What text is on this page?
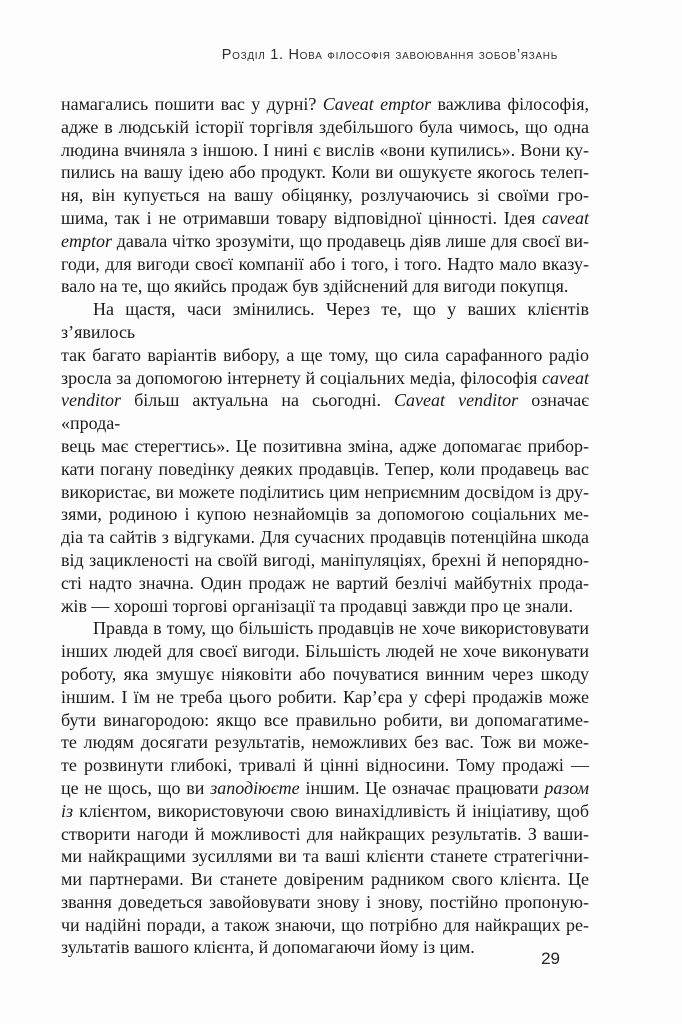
Розділ 1. Нова філософія завоювання зобов’язань
намагались пошити вас у дурні? Caveat emptor важлива філософія,
адже в людській історії торгівля здебільшого була чимось, що одна
людина вчиняла з іншою. І нині є вислів «вони купились». Вони ку-
пились на вашу ідею або продукт. Коли ви ошукуєте якогось телеп-
ня, він купується на вашу обіцянку, розлучаючись зі своїми гро-
шима, так і не отримавши товару відповідної цінності. Ідея caveat
emptor давала чітко зрозуміти, що продавець діяв лише для своєї ви-
годи, для вигоди своєї компанії або і того, і того. Надто мало вказу-
вало на те, що якийсь продаж був здійснений для вигоди покупця.
На щастя, часи змінились. Через те, що у ваших клієнтів з’явилось
так багато варіантів вибору, а ще тому, що сила сарафанного радіо
зросла за допомогою інтернету й соціальних медіа, філософія caveat
venditor більш актуальна на сьогодні. Caveat venditor означає «прода-
вець має стерегтись». Це позитивна зміна, адже допомагає прибор-
кати погану поведінку деяких продавців. Тепер, коли продавець вас
використає, ви можете поділитись цим неприємним досвідом із дру-
зями, родиною і купою незнайомців за допомогою соціальних ме-
діа та сайтів з відгуками. Для сучасних продавців потенційна шкода
від зацикленості на своїй вигоді, маніпуляціях, брехні й непорядно-
сті надто значна. Один продаж не вартий безлічі майбутніх прода-
жів — хороші торгові організації та продавці завжди про це знали.
Правда в тому, що більшість продавців не хоче використовувати
інших людей для своєї вигоди. Більшість людей не хоче виконувати
роботу, яка змушує ніяковіти або почуватися винним через шкоду
іншим. І їм не треба цього робити. Кар’єра у сфері продажів може
бути винагородою: якщо все правильно робити, ви допомагатиме-
те людям досягати результатів, неможливих без вас. Тож ви може-
те розвинути глибокі, тривалі й цінні відносини. Тому продажі —
це не щось, що ви заподіюєте іншим. Це означає працювати разом
із клієнтом, використовуючи свою винахідливість й ініціативу, щоб
створити нагоди й можливості для найкращих результатів. З ваши-
ми найкращими зусиллями ви та ваші клієнти станете стратегічни-
ми партнерами. Ви станете довіреним радником свого клієнта. Це
звання доведеться завойовувати знову і знову, постійно пропоную-
чи надійні поради, а також знаючи, що потрібно для найкращих ре-
зультатів вашого клієнта, й допомагаючи йому із цим.
29
